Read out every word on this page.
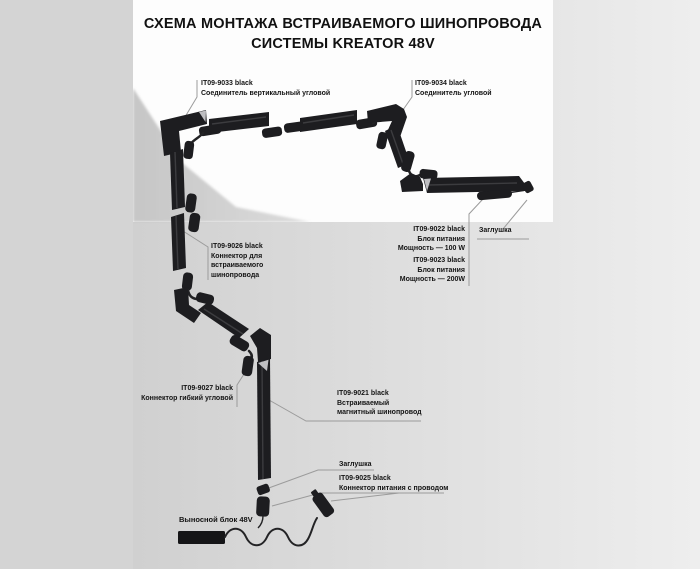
СХЕМА МОНТАЖА ВСТРАИВАЕМОГО ШИНОПРОВОДА
СИСТЕМЫ KREATOR 48V
IT09-9033 black
Соединитель вертикальный угловой
IT09-9034 black
Соединитель угловой
IT09-9026 black
Коннектор для
встраиваемого
шинопровода
IT09-9022 black
Блок питания
Мощность — 100 W
IT09-9023 black
Блок питания
Мощность — 200W
Заглушка
IT09-9027 black
Коннектор гибкий угловой
IT09-9021 black
Встраиваемый
магнитный шинопровод
Заглушка
IT09-9025 black
Коннектор питания с проводом
Выносной блок 48V
